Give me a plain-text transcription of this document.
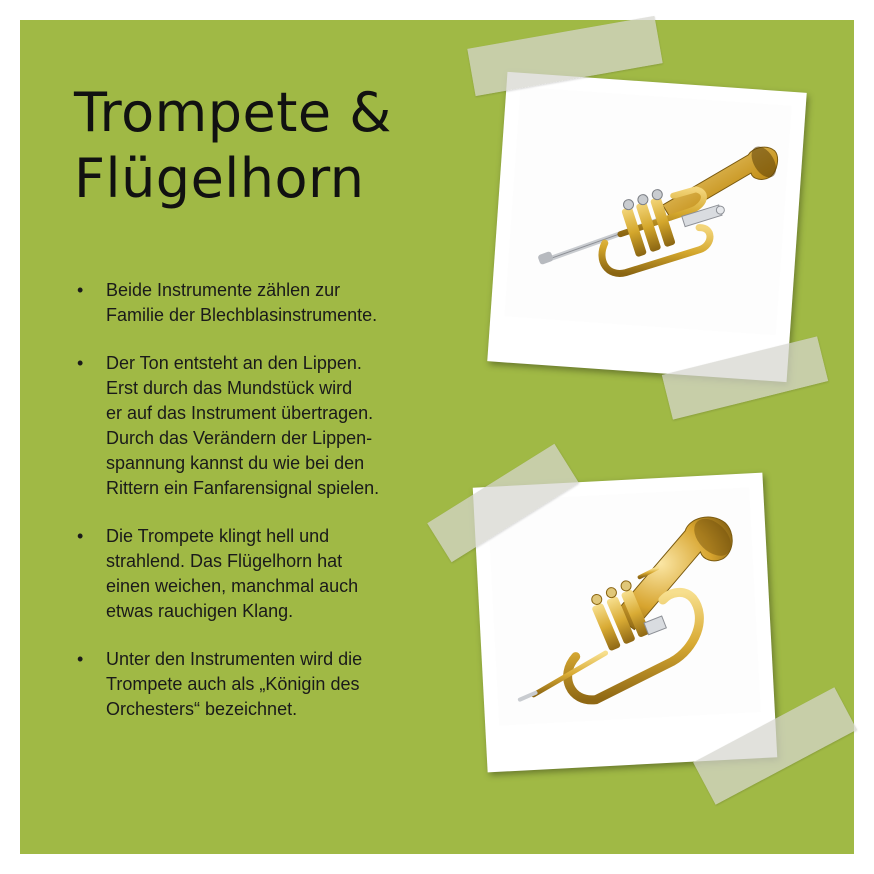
Trompete &
Flügelhorn
• Beide Instrumente zählen zur
Familie der Blechblasinstrumente.
• Der Ton entsteht an den Lippen.
Erst durch das Mundstück wird
er auf das Instrument übertragen.
Durch das Verändern der Lippen-
spannung kannst du wie bei den
Rittern ein Fanfarensignal spielen.
• Die Trompete klingt hell und
strahlend. Das Flügelhorn hat
einen weichen, manchmal auch
etwas rauchigen Klang.
• Unter den Instrumenten wird die
Trompete auch als „Königin des
Orchesters“ bezeichnet.
